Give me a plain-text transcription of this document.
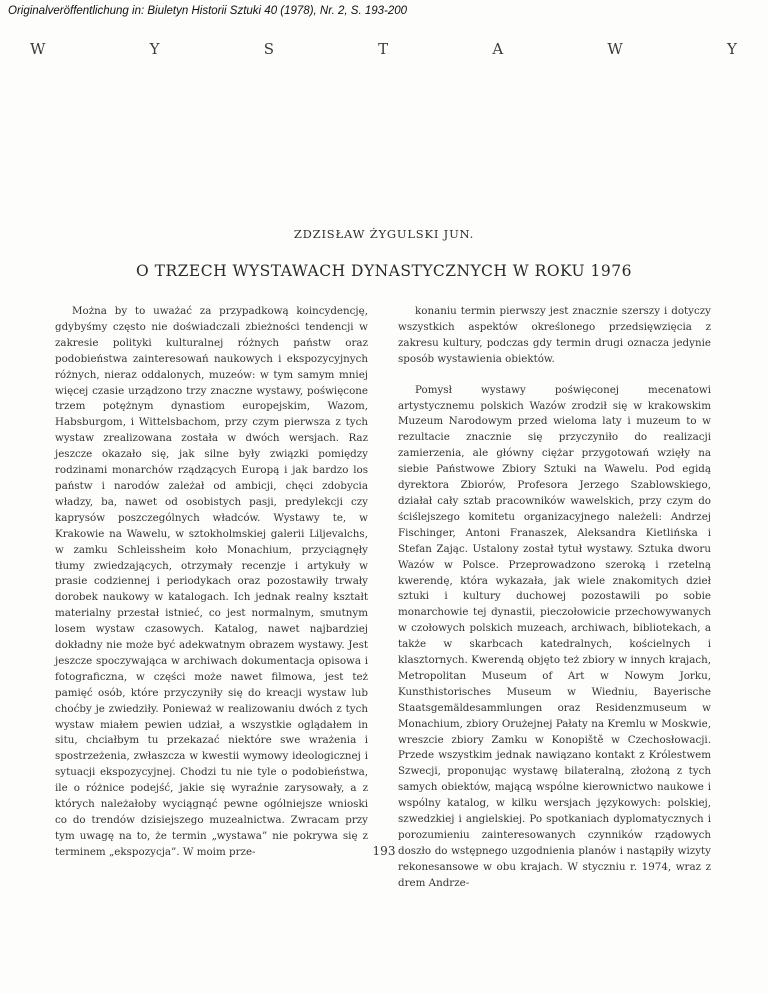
Originalveröffentlichung in: Biuletyn Historii Sztuki 40 (1978), Nr. 2, S. 193-200
W	Y	S	T	A	W	Y
ZDZISŁAW ŻYGULSKI JUN.
O TRZECH WYSTAWACH DYNASTYCZNYCH W ROKU 1976

Można by to uważać za przypadkową koincydencję, gdybyśmy często nie doświadczali zbieżności tendencji w zakresie polityki kulturalnej różnych państw oraz podobieństwa zainteresowań naukowych i ekspozycyjnych różnych, nieraz oddalonych, muzeów: w tym samym mniej więcej czasie urządzono trzy znaczne wystawy, poświęcone trzem potężnym dynastiom europejskim, Wazom, Habsburgom, i Wittelsbachom, przy czym pierwsza z tych wystaw zrealizowana została w dwóch wersjach. Raz jeszcze okazało się, jak silne były związki pomiędzy rodzinami monarchów rządzących Europą i jak bardzo los państw i narodów zależał od ambicji, chęci zdobycia władzy, ba, nawet od osobistych pasji, predylekcji czy kaprysów poszczególnych władców. Wystawy te, w Krakowie na Wawelu, w sztokholmskiej galerii Liljevalchs, w zamku Schleissheim koło Monachium, przyciągnęły tłumy zwiedzających, otrzymały recenzje i artykuły w prasie codziennej i periodykach oraz pozostawiły trwały dorobek naukowy w katalogach. Ich jednak realny kształt materialny przestał istnieć, co jest normalnym, smutnym losem wystaw czasowych. Katalog, nawet najbardziej dokładny nie może być adekwatnym obrazem wystawy. Jest jeszcze spoczywająca w archiwach dokumentacja opisowa i fotograficzna, w części może nawet filmowa, jest też pamięć osób, które przyczyniły się do kreacji wystaw lub choćby je zwiedziły. Ponieważ w realizowaniu dwóch z tych wystaw miałem pewien udział, a wszystkie oglądałem in situ, chciałbym tu przekazać niektóre swe wrażenia i spostrzeżenia, zwłaszcza w kwestii wymowy ideologicznej i sytuacji ekspozycyjnej. Chodzi tu nie tyle o podobieństwa, ile o różnice podejść, jakie się wyraźnie zarysowały, a z których należałoby wyciągnąć pewne ogólniejsze wnioski co do trendów dzisiejszego muzealnictwa. Zwracam przy tym uwagę na to, że termin „wystawa” nie pokrywa się z terminem „ekspozycja”. W moim prze-

konaniu termin pierwszy jest znacznie szerszy i dotyczy wszystkich aspektów określonego przedsięwzięcia z zakresu kultury, podczas gdy termin drugi oznacza jedynie sposób wystawienia obiektów.

Pomysł wystawy poświęconej mecenatowi artystycznemu polskich Wazów zrodził się w krakowskim Muzeum Narodowym przed wieloma laty i muzeum to w rezultacie znacznie się przyczyniło do realizacji zamierzenia, ale główny ciężar przygotowań wzięły na siebie Państwowe Zbiory Sztuki na Wawelu. Pod egidą dyrektora Zbiorów, Profesora Jerzego Szablowskiego, działał cały sztab pracowników wawelskich, przy czym do ściślejszego komitetu organizacyjnego należeli: Andrzej Fischinger, Antoni Franaszek, Aleksandra Kietlińska i Stefan Zając. Ustalony został tytuł wystawy. Sztuka dworu Wazów w Polsce. Przeprowadzono szeroką i rzetelną kwerendę, która wykazała, jak wiele znakomitych dzieł sztuki i kultury duchowej pozostawili po sobie monarchowie tej dynastii, pieczołowicie przechowywanych w czołowych polskich muzeach, archiwach, bibliotekach, a także w skarbcach katedralnych, kościelnych i klasztornych. Kwerendą objęto też zbiory w innych krajach, Metropolitan Museum of Art w Nowym Jorku, Kunsthistorisches Museum w Wiedniu, Bayerische Staatsgemäldesammlungen oraz Residenzmuseum w Monachium, zbiory Orużejnej Pałaty na Kremlu w Moskwie, wreszcie zbiory Zamku w Konopiště w Czechosłowacji. Przede wszystkim jednak nawiązano kontakt z Królestwem Szwecji, proponując wystawę bilateralną, złożoną z tych samych obiektów, mającą wspólne kierownictwo naukowe i wspólny katalog, w kilku wersjach językowych: polskiej, szwedzkiej i angielskiej. Po spotkaniach dyplomatycznych i porozumieniu zainteresowanych czynników rządowych doszło do wstępnego uzgodnienia planów i nastąpiły wizyty rekonesansowe w obu krajach. W styczniu r. 1974, wraz z drem Andrze-

193
